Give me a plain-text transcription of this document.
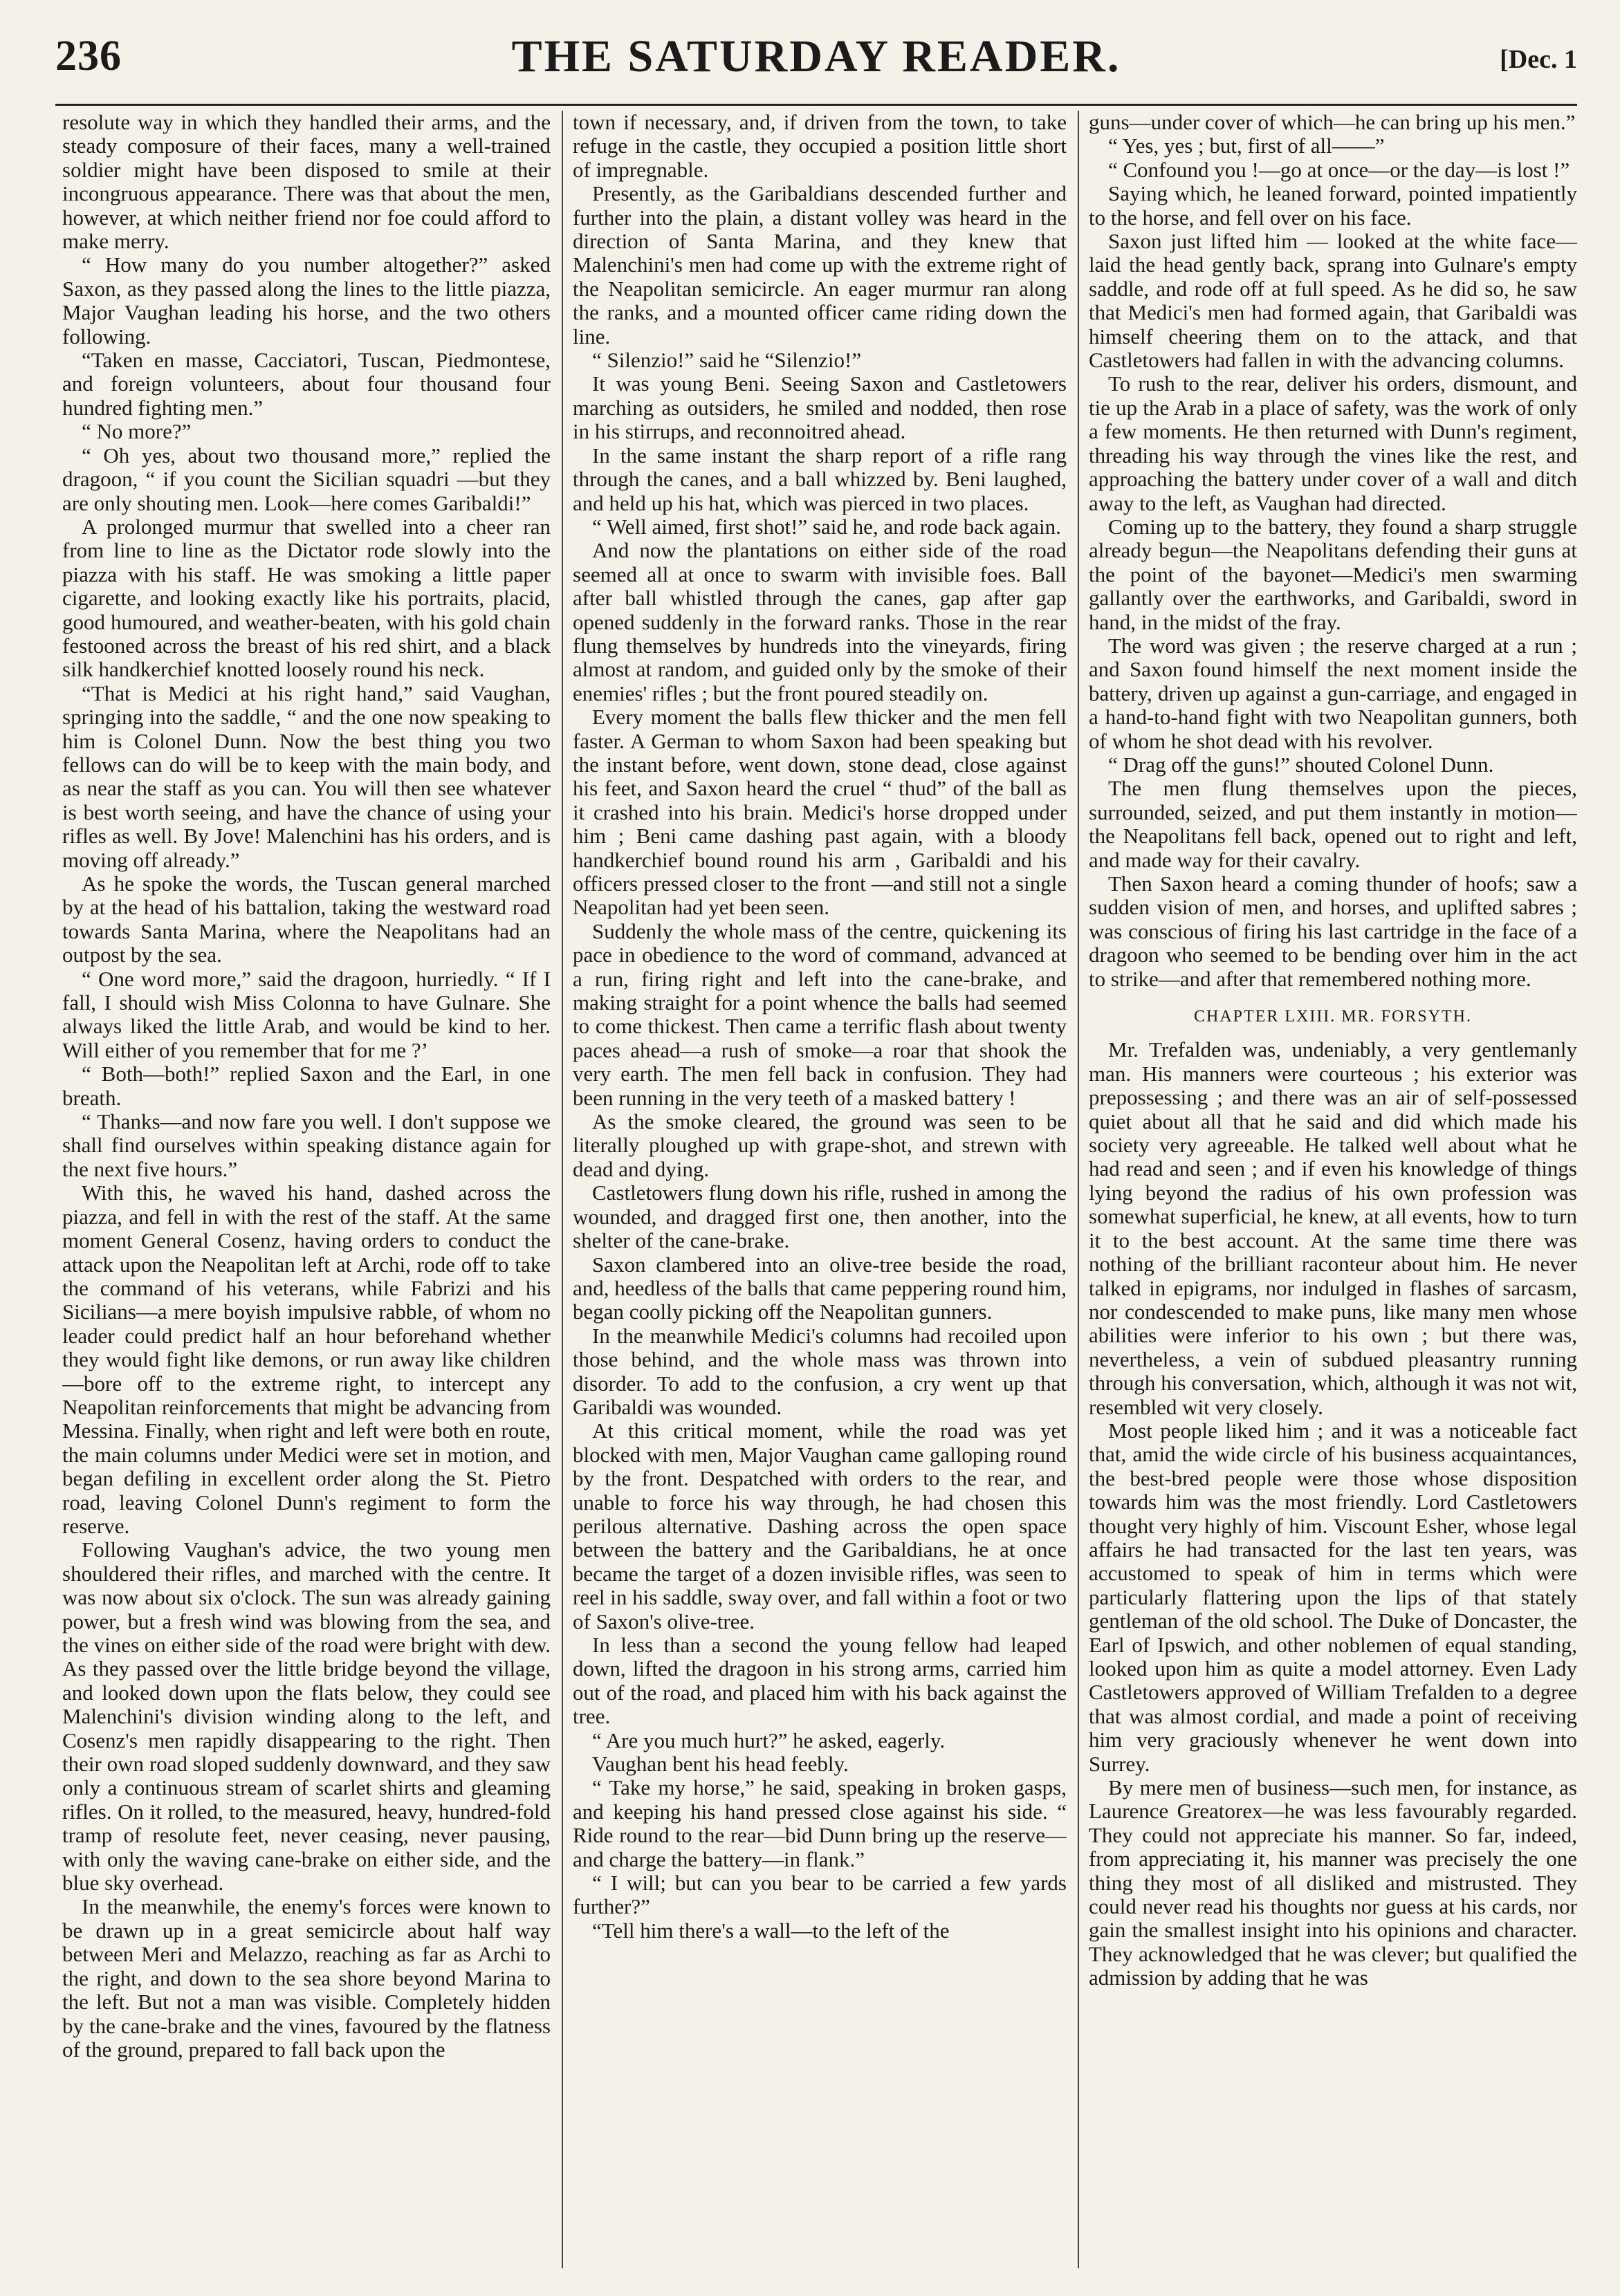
236	THE SATURDAY READER.	[Dec. 1

resolute way in which they handled their arms, and the steady composure of their faces, many a well-trained soldier might have been disposed to smile at their incongruous appearance. There was that about the men, however, at which neither friend nor foe could afford to make merry.

“ How many do you number altogether?” asked Saxon, as they passed along the lines to the little piazza, Major Vaughan leading his horse, and the two others following.

“Taken en masse, Cacciatori, Tuscan, Piedmontese, and foreign volunteers, about four thousand four hundred fighting men.”

“ No more?”

“ Oh yes, about two thousand more,” replied the dragoon, “ if you count the Sicilian squadri —but they are only shouting men. Look—here comes Garibaldi!”

A prolonged murmur that swelled into a cheer ran from line to line as the Dictator rode slowly into the piazza with his staff. He was smoking a little paper cigarette, and looking exactly like his portraits, placid, good humoured, and weather-beaten, with his gold chain festooned across the breast of his red shirt, and a black silk handkerchief knotted loosely round his neck.

“That is Medici at his right hand,” said Vaughan, springing into the saddle, “ and the one now speaking to him is Colonel Dunn. Now the best thing you two fellows can do will be to keep with the main body, and as near the staff as you can. You will then see whatever is best worth seeing, and have the chance of using your rifles as well. By Jove! Malenchini has his orders, and is moving off already.”

As he spoke the words, the Tuscan general marched by at the head of his battalion, taking the westward road towards Santa Marina, where the Neapolitans had an outpost by the sea.

“ One word more,” said the dragoon, hurriedly. “ If I fall, I should wish Miss Colonna to have Gulnare. She always liked the little Arab, and would be kind to her. Will either of you remember that for me ?’

“ Both—both!” replied Saxon and the Earl, in one breath.

“ Thanks—and now fare you well. I don't suppose we shall find ourselves within speaking distance again for the next five hours.”

With this, he waved his hand, dashed across the piazza, and fell in with the rest of the staff. At the same moment General Cosenz, having orders to conduct the attack upon the Neapolitan left at Archi, rode off to take the command of his veterans, while Fabrizi and his Sicilians—a mere boyish impulsive rabble, of whom no leader could predict half an hour beforehand whether they would fight like demons, or run away like children—bore off to the extreme right, to intercept any Neapolitan reinforcements that might be advancing from Messina. Finally, when right and left were both en route, the main columns under Medici were set in motion, and began defiling in excellent order along the St. Pietro road, leaving Colonel Dunn's regiment to form the reserve.

Following Vaughan's advice, the two young men shouldered their rifles, and marched with the centre. It was now about six o'clock. The sun was already gaining power, but a fresh wind was blowing from the sea, and the vines on either side of the road were bright with dew. As they passed over the little bridge beyond the village, and looked down upon the flats below, they could see Malenchini's division winding along to the left, and Cosenz's men rapidly disappearing to the right. Then their own road sloped suddenly downward, and they saw only a continuous stream of scarlet shirts and gleaming rifles. On it rolled, to the measured, heavy, hundred-fold tramp of resolute feet, never ceasing, never pausing, with only the waving cane-brake on either side, and the blue sky overhead.

In the meanwhile, the enemy's forces were known to be drawn up in a great semicircle about half way between Meri and Melazzo, reaching as far as Archi to the right, and down to the sea shore beyond Marina to the left. But not a man was visible. Completely hidden by the cane-brake and the vines, favoured by the flatness of the ground, prepared to fall back upon the

town if necessary, and, if driven from the town, to take refuge in the castle, they occupied a position little short of impregnable.

Presently, as the Garibaldians descended further and further into the plain, a distant volley was heard in the direction of Santa Marina, and they knew that Malenchini's men had come up with the extreme right of the Neapolitan semicircle. An eager murmur ran along the ranks, and a mounted officer came riding down the line.

“ Silenzio!” said he “Silenzio!”

It was young Beni. Seeing Saxon and Castletowers marching as outsiders, he smiled and nodded, then rose in his stirrups, and reconnoitred ahead.

In the same instant the sharp report of a rifle rang through the canes, and a ball whizzed by. Beni laughed, and held up his hat, which was pierced in two places.

“ Well aimed, first shot!” said he, and rode back again.

And now the plantations on either side of the road seemed all at once to swarm with invisible foes. Ball after ball whistled through the canes, gap after gap opened suddenly in the forward ranks. Those in the rear flung themselves by hundreds into the vineyards, firing almost at random, and guided only by the smoke of their enemies' rifles ; but the front poured steadily on.

Every moment the balls flew thicker and the men fell faster. A German to whom Saxon had been speaking but the instant before, went down, stone dead, close against his feet, and Saxon heard the cruel “ thud” of the ball as it crashed into his brain. Medici's horse dropped under him ; Beni came dashing past again, with a bloody handkerchief bound round his arm , Garibaldi and his officers pressed closer to the front —and still not a single Neapolitan had yet been seen.

Suddenly the whole mass of the centre, quickening its pace in obedience to the word of command, advanced at a run, firing right and left into the cane-brake, and making straight for a point whence the balls had seemed to come thickest. Then came a terrific flash about twenty paces ahead—a rush of smoke—a roar that shook the very earth. The men fell back in confusion. They had been running in the very teeth of a masked battery !

As the smoke cleared, the ground was seen to be literally ploughed up with grape-shot, and strewn with dead and dying.

Castletowers flung down his rifle, rushed in among the wounded, and dragged first one, then another, into the shelter of the cane-brake.

Saxon clambered into an olive-tree beside the road, and, heedless of the balls that came peppering round him, began coolly picking off the Neapolitan gunners.

In the meanwhile Medici's columns had recoiled upon those behind, and the whole mass was thrown into disorder. To add to the confusion, a cry went up that Garibaldi was wounded.

At this critical moment, while the road was yet blocked with men, Major Vaughan came galloping round by the front. Despatched with orders to the rear, and unable to force his way through, he had chosen this perilous alternative. Dashing across the open space between the battery and the Garibaldians, he at once became the target of a dozen invisible rifles, was seen to reel in his saddle, sway over, and fall within a foot or two of Saxon's olive-tree.

In less than a second the young fellow had leaped down, lifted the dragoon in his strong arms, carried him out of the road, and placed him with his back against the tree.

“ Are you much hurt?” he asked, eagerly.

Vaughan bent his head feebly.

“ Take my horse,” he said, speaking in broken gasps, and keeping his hand pressed close against his side. “ Ride round to the rear—bid Dunn bring up the reserve—and charge the battery—in flank.”

“ I will; but can you bear to be carried a few yards further?”

“Tell him there's a wall—to the left of the

guns—under cover of which—he can bring up his men.”

“ Yes, yes ; but, first of all——”

“ Confound you !—go at once—or the day—is lost !”

Saying which, he leaned forward, pointed impatiently to the horse, and fell over on his face.

Saxon just lifted him — looked at the white face—laid the head gently back, sprang into Gulnare's empty saddle, and rode off at full speed. As he did so, he saw that Medici's men had formed again, that Garibaldi was himself cheering them on to the attack, and that Castletowers had fallen in with the advancing columns.

To rush to the rear, deliver his orders, dismount, and tie up the Arab in a place of safety, was the work of only a few moments. He then returned with Dunn's regiment, threading his way through the vines like the rest, and approaching the battery under cover of a wall and ditch away to the left, as Vaughan had directed.

Coming up to the battery, they found a sharp struggle already begun—the Neapolitans defending their guns at the point of the bayonet—Medici's men swarming gallantly over the earthworks, and Garibaldi, sword in hand, in the midst of the fray.

The word was given ; the reserve charged at a run ; and Saxon found himself the next moment inside the battery, driven up against a gun-carriage, and engaged in a hand-to-hand fight with two Neapolitan gunners, both of whom he shot dead with his revolver.

“ Drag off the guns!” shouted Colonel Dunn.

The men flung themselves upon the pieces, surrounded, seized, and put them instantly in motion—the Neapolitans fell back, opened out to right and left, and made way for their cavalry.

Then Saxon heard a coming thunder of hoofs; saw a sudden vision of men, and horses, and uplifted sabres ; was conscious of firing his last cartridge in the face of a dragoon who seemed to be bending over him in the act to strike—and after that remembered nothing more.

CHAPTER LXIII. MR. FORSYTH.

Mr. Trefalden was, undeniably, a very gentlemanly man. His manners were courteous ; his exterior was prepossessing ; and there was an air of self-possessed quiet about all that he said and did which made his society very agreeable. He talked well about what he had read and seen ; and if even his knowledge of things lying beyond the radius of his own profession was somewhat superficial, he knew, at all events, how to turn it to the best account. At the same time there was nothing of the brilliant raconteur about him. He never talked in epigrams, nor indulged in flashes of sarcasm, nor condescended to make puns, like many men whose abilities were inferior to his own ; but there was, nevertheless, a vein of subdued pleasantry running through his conversation, which, although it was not wit, resembled wit very closely.

Most people liked him ; and it was a noticeable fact that, amid the wide circle of his business acquaintances, the best-bred people were those whose disposition towards him was the most friendly. Lord Castletowers thought very highly of him. Viscount Esher, whose legal affairs he had transacted for the last ten years, was accustomed to speak of him in terms which were particularly flattering upon the lips of that stately gentleman of the old school. The Duke of Doncaster, the Earl of Ipswich, and other noblemen of equal standing, looked upon him as quite a model attorney. Even Lady Castletowers approved of William Trefalden to a degree that was almost cordial, and made a point of receiving him very graciously whenever he went down into Surrey.

By mere men of business—such men, for instance, as Laurence Greatorex—he was less favourably regarded. They could not appreciate his manner. So far, indeed, from appreciating it, his manner was precisely the one thing they most of all disliked and mistrusted. They could never read his thoughts nor guess at his cards, nor gain the smallest insight into his opinions and character. They acknowledged that he was clever; but qualified the admission by adding that he was
